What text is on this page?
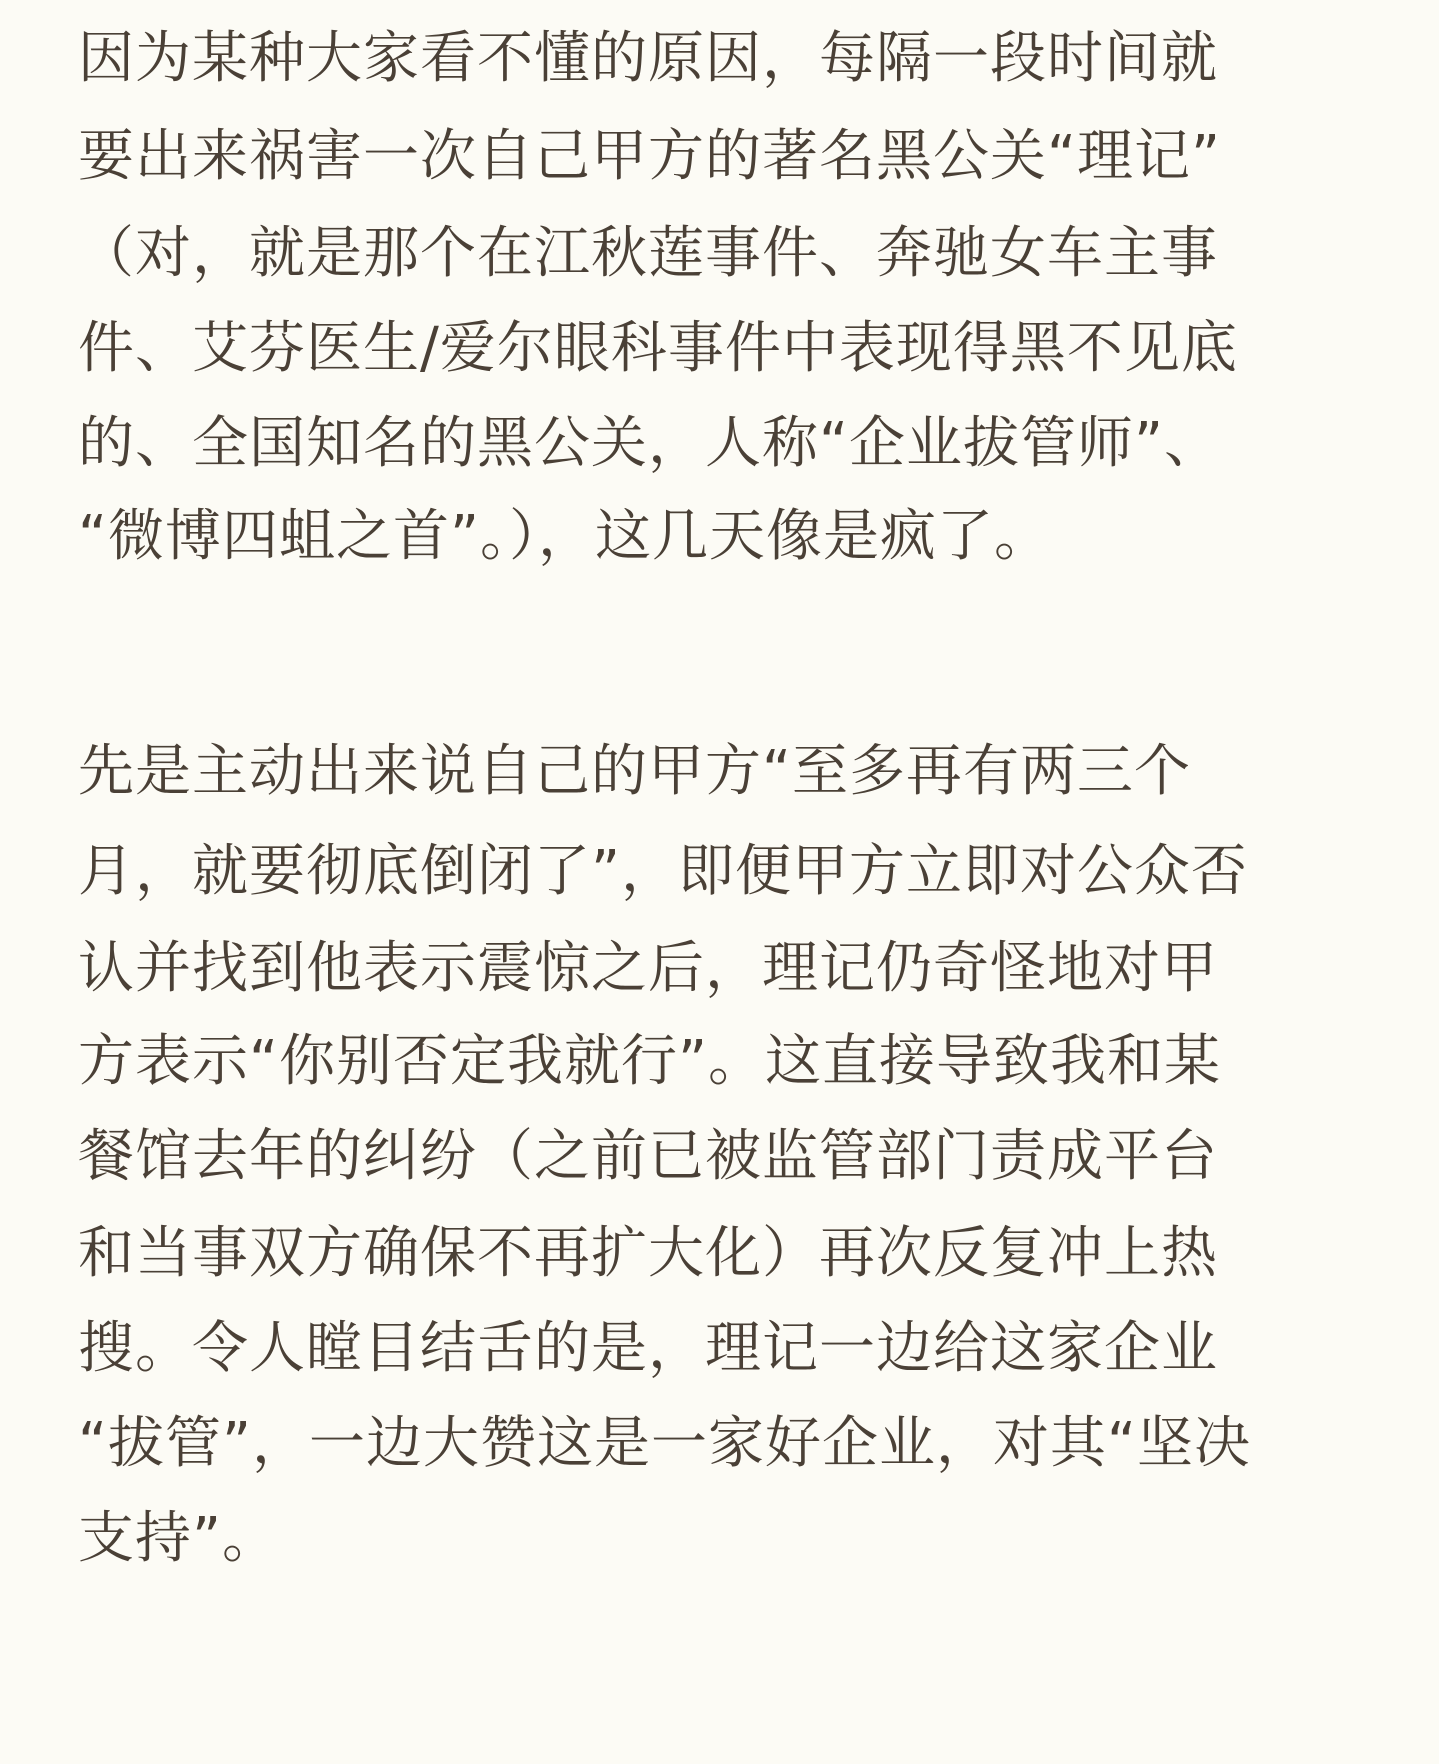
因为某种大家看不懂的原因，每隔一段时间就
要出来祸害一次自己甲方的著名黑公关“理记”
（对，就是那个在江秋莲事件、奔驰女车主事
件、艾芬医生/爱尔眼科事件中表现得黑不见底
的、全国知名的黑公关，人称“企业拔管师”、
“微博四蛆之首”。），这几天像是疯了。
先是主动出来说自己的甲方“至多再有两三个
月，就要彻底倒闭了”，即便甲方立即对公众否
认并找到他表示震惊之后，理记仍奇怪地对甲
方表示“你别否定我就行”。这直接导致我和某
餐馆去年的纠纷（之前已被监管部门责成平台
和当事双方确保不再扩大化）再次反复冲上热
搜。令人瞠目结舌的是，理记一边给这家企业
“拔管”，一边大赞这是一家好企业，对其“坚决
支持”。
